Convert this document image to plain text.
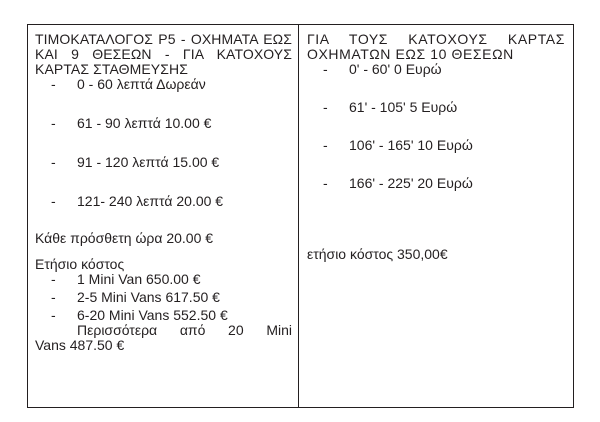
ΤΙΜΟΚΑΤΑΛΟΓΟΣ Ρ5 - ΟΧΗΜΑΤΑ ΕΩΣ ΚΑΙ 9 ΘΕΣΕΩΝ - ΓΙΑ ΚΑΤΟΧΟΥΣ ΚΑΡΤΑΣ ΣΤΑΘΜΕΥΣΗΣ
-	0 - 60 λεπτά Δωρεάν
-	61 - 90 λεπτά 10.00 €
-	91 - 120 λεπτά 15.00 €
-	121- 240 λεπτά 20.00 €
Κάθε πρόσθετη ώρα 20.00 €
Ετήσιο κόστος
-	1 Mini Van 650.00 €
-	2-5 Mini Vans 617.50 €
-	6-20 Mini Vans 552.50 €
Περισσότερα από 20 Mini
Vans 487.50 €
ΓΙΑ ΤΟΥΣ ΚΑΤΟΧΟΥΣ ΚΑΡΤΑΣ ΟΧΗΜΑΤΩΝ ΕΩΣ 10 ΘΕΣΕΩΝ
-	0' - 60' 0 Ευρώ
-	61' - 105' 5 Ευρώ
-	106' - 165' 10 Ευρώ
-	166' - 225' 20 Ευρώ
ετήσιο κόστος 350,00€
